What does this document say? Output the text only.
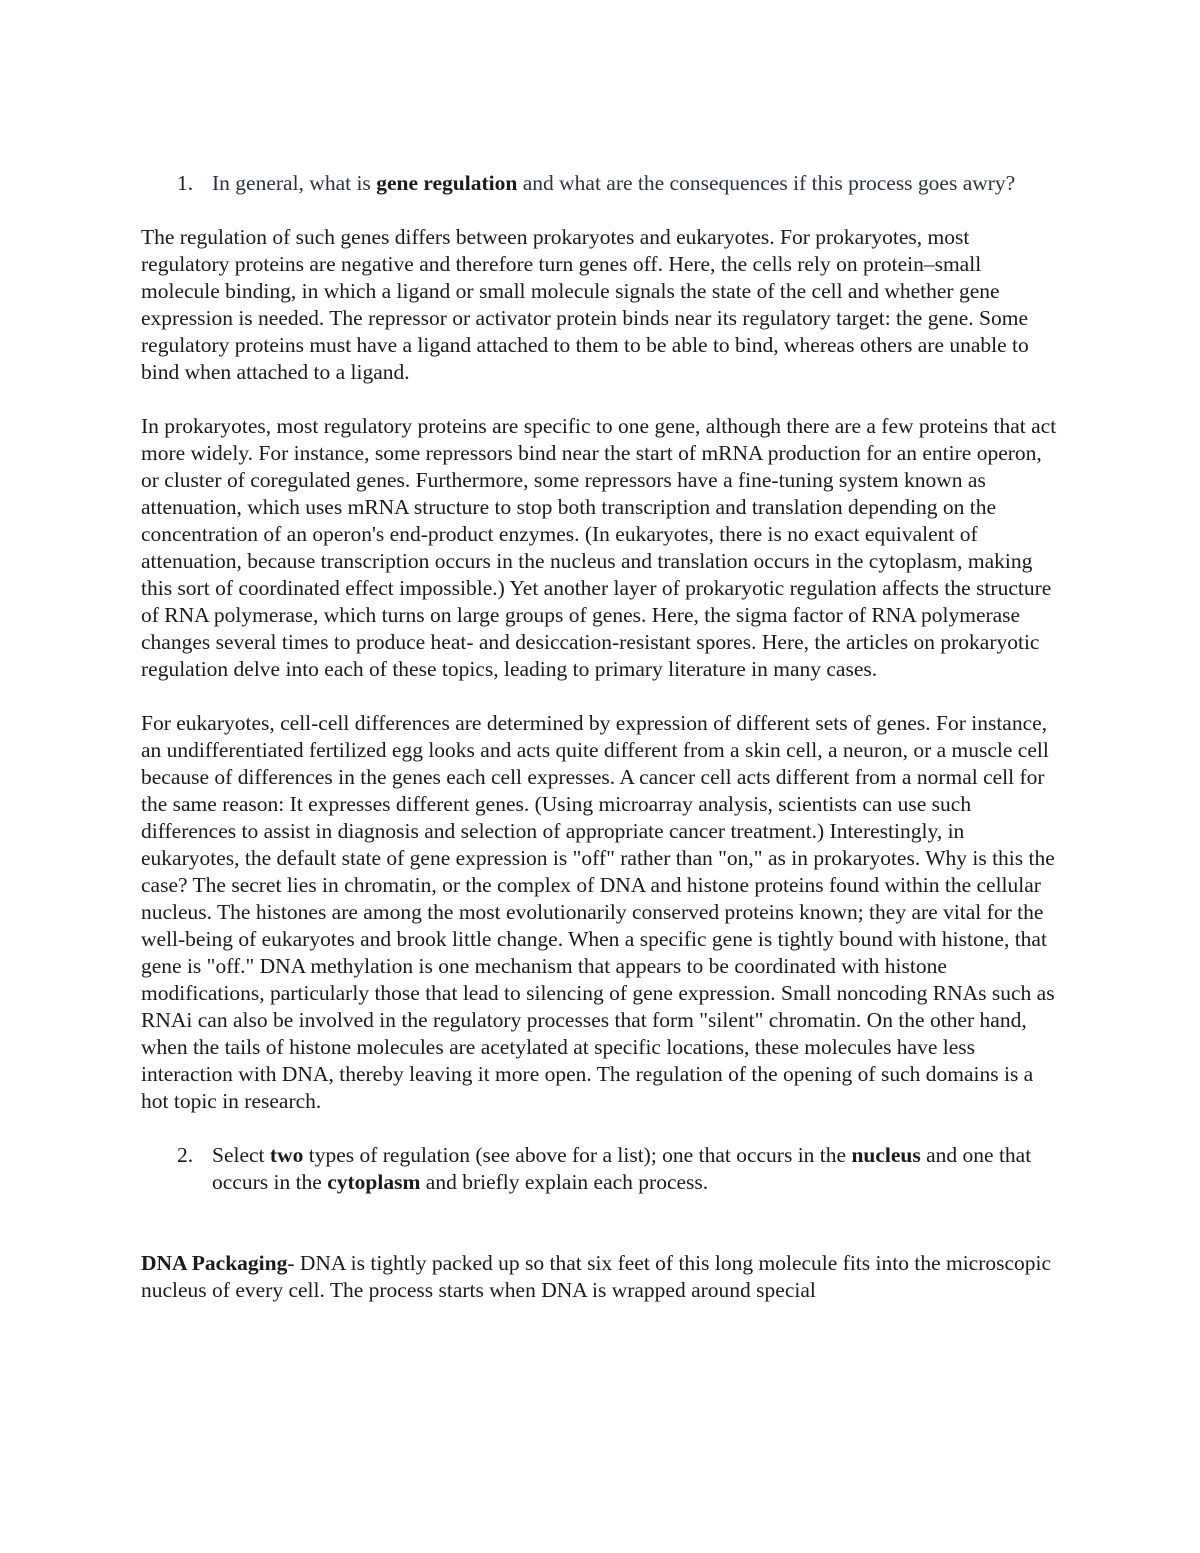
1. In general, what is gene regulation and what are the consequences if this process goes awry?

The regulation of such genes differs between prokaryotes and eukaryotes. For prokaryotes, most regulatory proteins are negative and therefore turn genes off. Here, the cells rely on protein–small molecule binding, in which a ligand or small molecule signals the state of the cell and whether gene expression is needed. The repressor or activator protein binds near its regulatory target: the gene. Some regulatory proteins must have a ligand attached to them to be able to bind, whereas others are unable to bind when attached to a ligand.

In prokaryotes, most regulatory proteins are specific to one gene, although there are a few proteins that act more widely. For instance, some repressors bind near the start of mRNA production for an entire operon, or cluster of coregulated genes. Furthermore, some repressors have a fine-tuning system known as attenuation, which uses mRNA structure to stop both transcription and translation depending on the concentration of an operon's end-product enzymes. (In eukaryotes, there is no exact equivalent of attenuation, because transcription occurs in the nucleus and translation occurs in the cytoplasm, making this sort of coordinated effect impossible.) Yet another layer of prokaryotic regulation affects the structure of RNA polymerase, which turns on large groups of genes. Here, the sigma factor of RNA polymerase changes several times to produce heat- and desiccation-resistant spores. Here, the articles on prokaryotic regulation delve into each of these topics, leading to primary literature in many cases.

For eukaryotes, cell-cell differences are determined by expression of different sets of genes. For instance, an undifferentiated fertilized egg looks and acts quite different from a skin cell, a neuron, or a muscle cell because of differences in the genes each cell expresses. A cancer cell acts different from a normal cell for the same reason: It expresses different genes. (Using microarray analysis, scientists can use such differences to assist in diagnosis and selection of appropriate cancer treatment.) Interestingly, in eukaryotes, the default state of gene expression is "off" rather than "on," as in prokaryotes. Why is this the case? The secret lies in chromatin, or the complex of DNA and histone proteins found within the cellular nucleus. The histones are among the most evolutionarily conserved proteins known; they are vital for the well-being of eukaryotes and brook little change. When a specific gene is tightly bound with histone, that gene is "off." DNA methylation is one mechanism that appears to be coordinated with histone modifications, particularly those that lead to silencing of gene expression. Small noncoding RNAs such as RNAi can also be involved in the regulatory processes that form "silent" chromatin. On the other hand, when the tails of histone molecules are acetylated at specific locations, these molecules have less interaction with DNA, thereby leaving it more open. The regulation of the opening of such domains is a hot topic in research.

2. Select two types of regulation (see above for a list); one that occurs in the nucleus and one that occurs in the cytoplasm and briefly explain each process.

DNA Packaging- DNA is tightly packed up so that six feet of this long molecule fits into the microscopic nucleus of every cell. The process starts when DNA is wrapped around special
